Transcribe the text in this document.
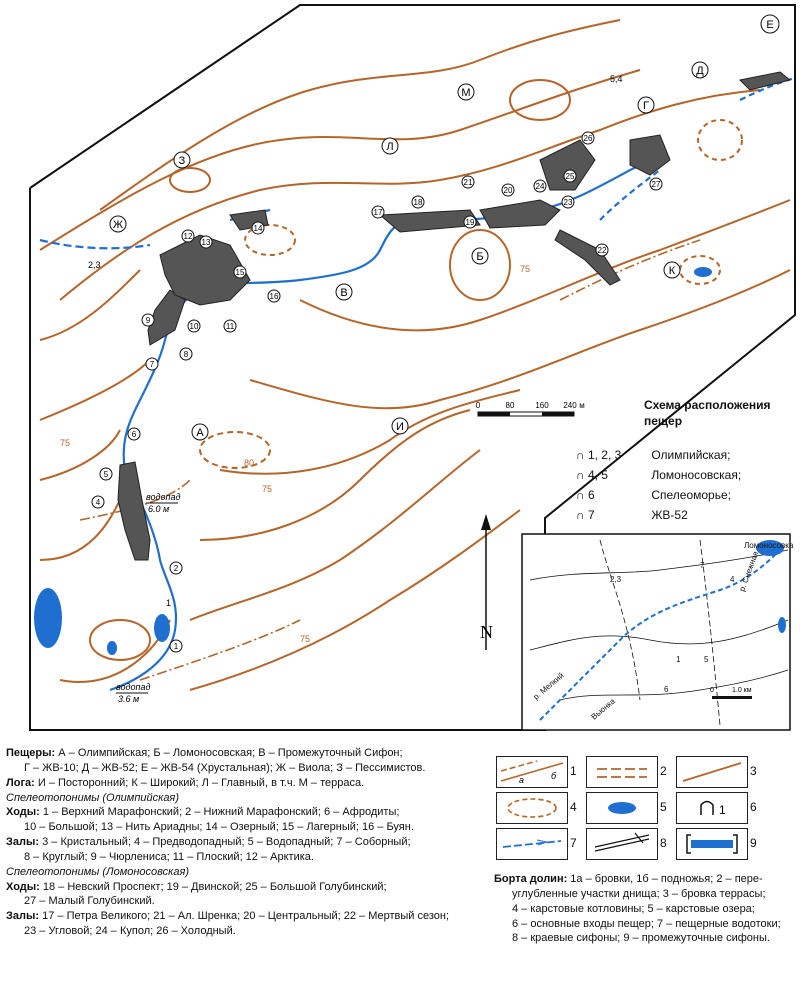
А
Б
В
Г
Д
Е
Ж
З
И
К
Л
М
1
2
4
5
6
7
8
9
10	11
12
13
14
15
16
17
18
19
20
21
22
23
24
25
26
27
водопад
6.0 м
водопад
3.6 м
2,3
5,4
1
75
75
75
75
80
0	80	160 240 м
N
2,3
1	5
6
7
4
Ломоносовка
р. Мелкий
Вьюнка
р. Снежная
0	1.0 км
Схема расположения
пещер
∩ 1, 2, 3	Олимпийская;
∩ 4, 5	Ломоносовская;
∩ 6	Спелеоморье;
∩ 7	ЖВ-52
Пещеры: А – Олимпийская; Б – Ломоносовская; В – Промежуточный Сифон;
Г – ЖВ-10; Д – ЖВ-52; Е – ЖВ-54 (Хрустальная); Ж – Виола; З – Пессимистов.
Лога: И – Посторонний; К – Широкий; Л – Главный, в т.ч. М – терраса.
Спелеотопонимы (Олимпийская)
Ходы: 1 – Верхний Марафонский; 2 – Нижний Марафонский; 6 – Афродиты;
10 – Большой; 13 – Нить Ариадны; 14 – Озерный; 15 – Лагерный; 16 – Буян.
Залы: 3 – Кристальный; 4 – Предводопадный; 5 – Водопадный; 7 – Соборный;
8 – Круглый; 9 – Чюрлениса; 11 – Плоский; 12 – Арктика.
Спелеотопонимы (Ломоносовская)
Ходы: 18 – Невский Проспект; 19 – Двинской; 25 – Большой Голубинский;
27 – Малый Голубинский.
Залы: 17 – Петра Великого; 21 – Ал. Шренка; 20 – Центральный; 22 – Мертвый сезон;
23 – Угловой; 24 – Купол; 26 – Холодный.
а	б 1	2	3
4	5	1 6
7	8	9
Борта долин: 1а – бровки, 1б – подножья; 2 – пере-
углубленные участки днища; 3 – бровка террасы;
4 – карстовые котловины; 5 – карстовые озера;
6 – основные входы пещер; 7 – пещерные водотоки;
8 – краевые сифоны; 9 – промежуточные сифоны.
